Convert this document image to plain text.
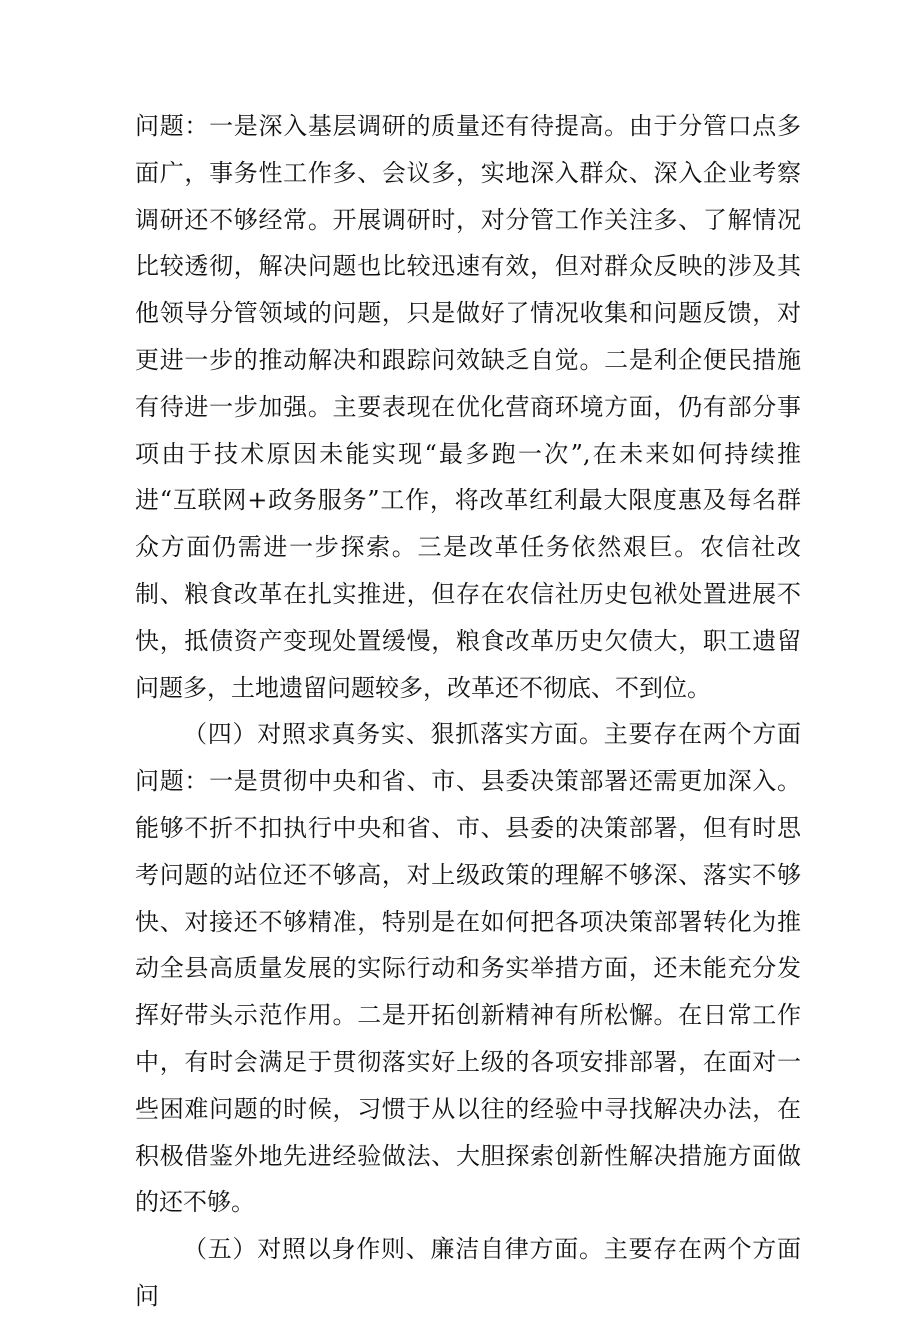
问题：一是深入基层调研的质量还有待提高。由于分管口点多面广，事务性工作多、会议多，实地深入群众、深入企业考察调研还不够经常。开展调研时，对分管工作关注多、了解情况比较透彻，解决问题也比较迅速有效，但对群众反映的涉及其他领导分管领域的问题，只是做好了情况收集和问题反馈，对更进一步的推动解决和跟踪问效缺乏自觉。二是利企便民措施有待进一步加强。主要表现在优化营商环境方面，仍有部分事项由于技术原因未能实现“最多跑一次”,在未来如何持续推进“互联网+政务服务”工作，将改革红利最大限度惠及每名群众方面仍需进一步探索。三是改革任务依然艰巨。农信社改制、粮食改革在扎实推进，但存在农信社历史包袱处置进展不快，抵债资产变现处置缓慢，粮食改革历史欠债大，职工遗留问题多，土地遗留问题较多，改革还不彻底、不到位。

（四）对照求真务实、狠抓落实方面。主要存在两个方面问题：一是贯彻中央和省、市、县委决策部署还需更加深入。能够不折不扣执行中央和省、市、县委的决策部署，但有时思考问题的站位还不够高，对上级政策的理解不够深、落实不够快、对接还不够精准，特别是在如何把各项决策部署转化为推动全县高质量发展的实际行动和务实举措方面，还未能充分发挥好带头示范作用。二是开拓创新精神有所松懈。在日常工作中，有时会满足于贯彻落实好上级的各项安排部署，在面对一些困难问题的时候，习惯于从以往的经验中寻找解决办法，在积极借鉴外地先进经验做法、大胆探索创新性解决措施方面做的还不够。

（五）对照以身作则、廉洁自律方面。主要存在两个方面问
